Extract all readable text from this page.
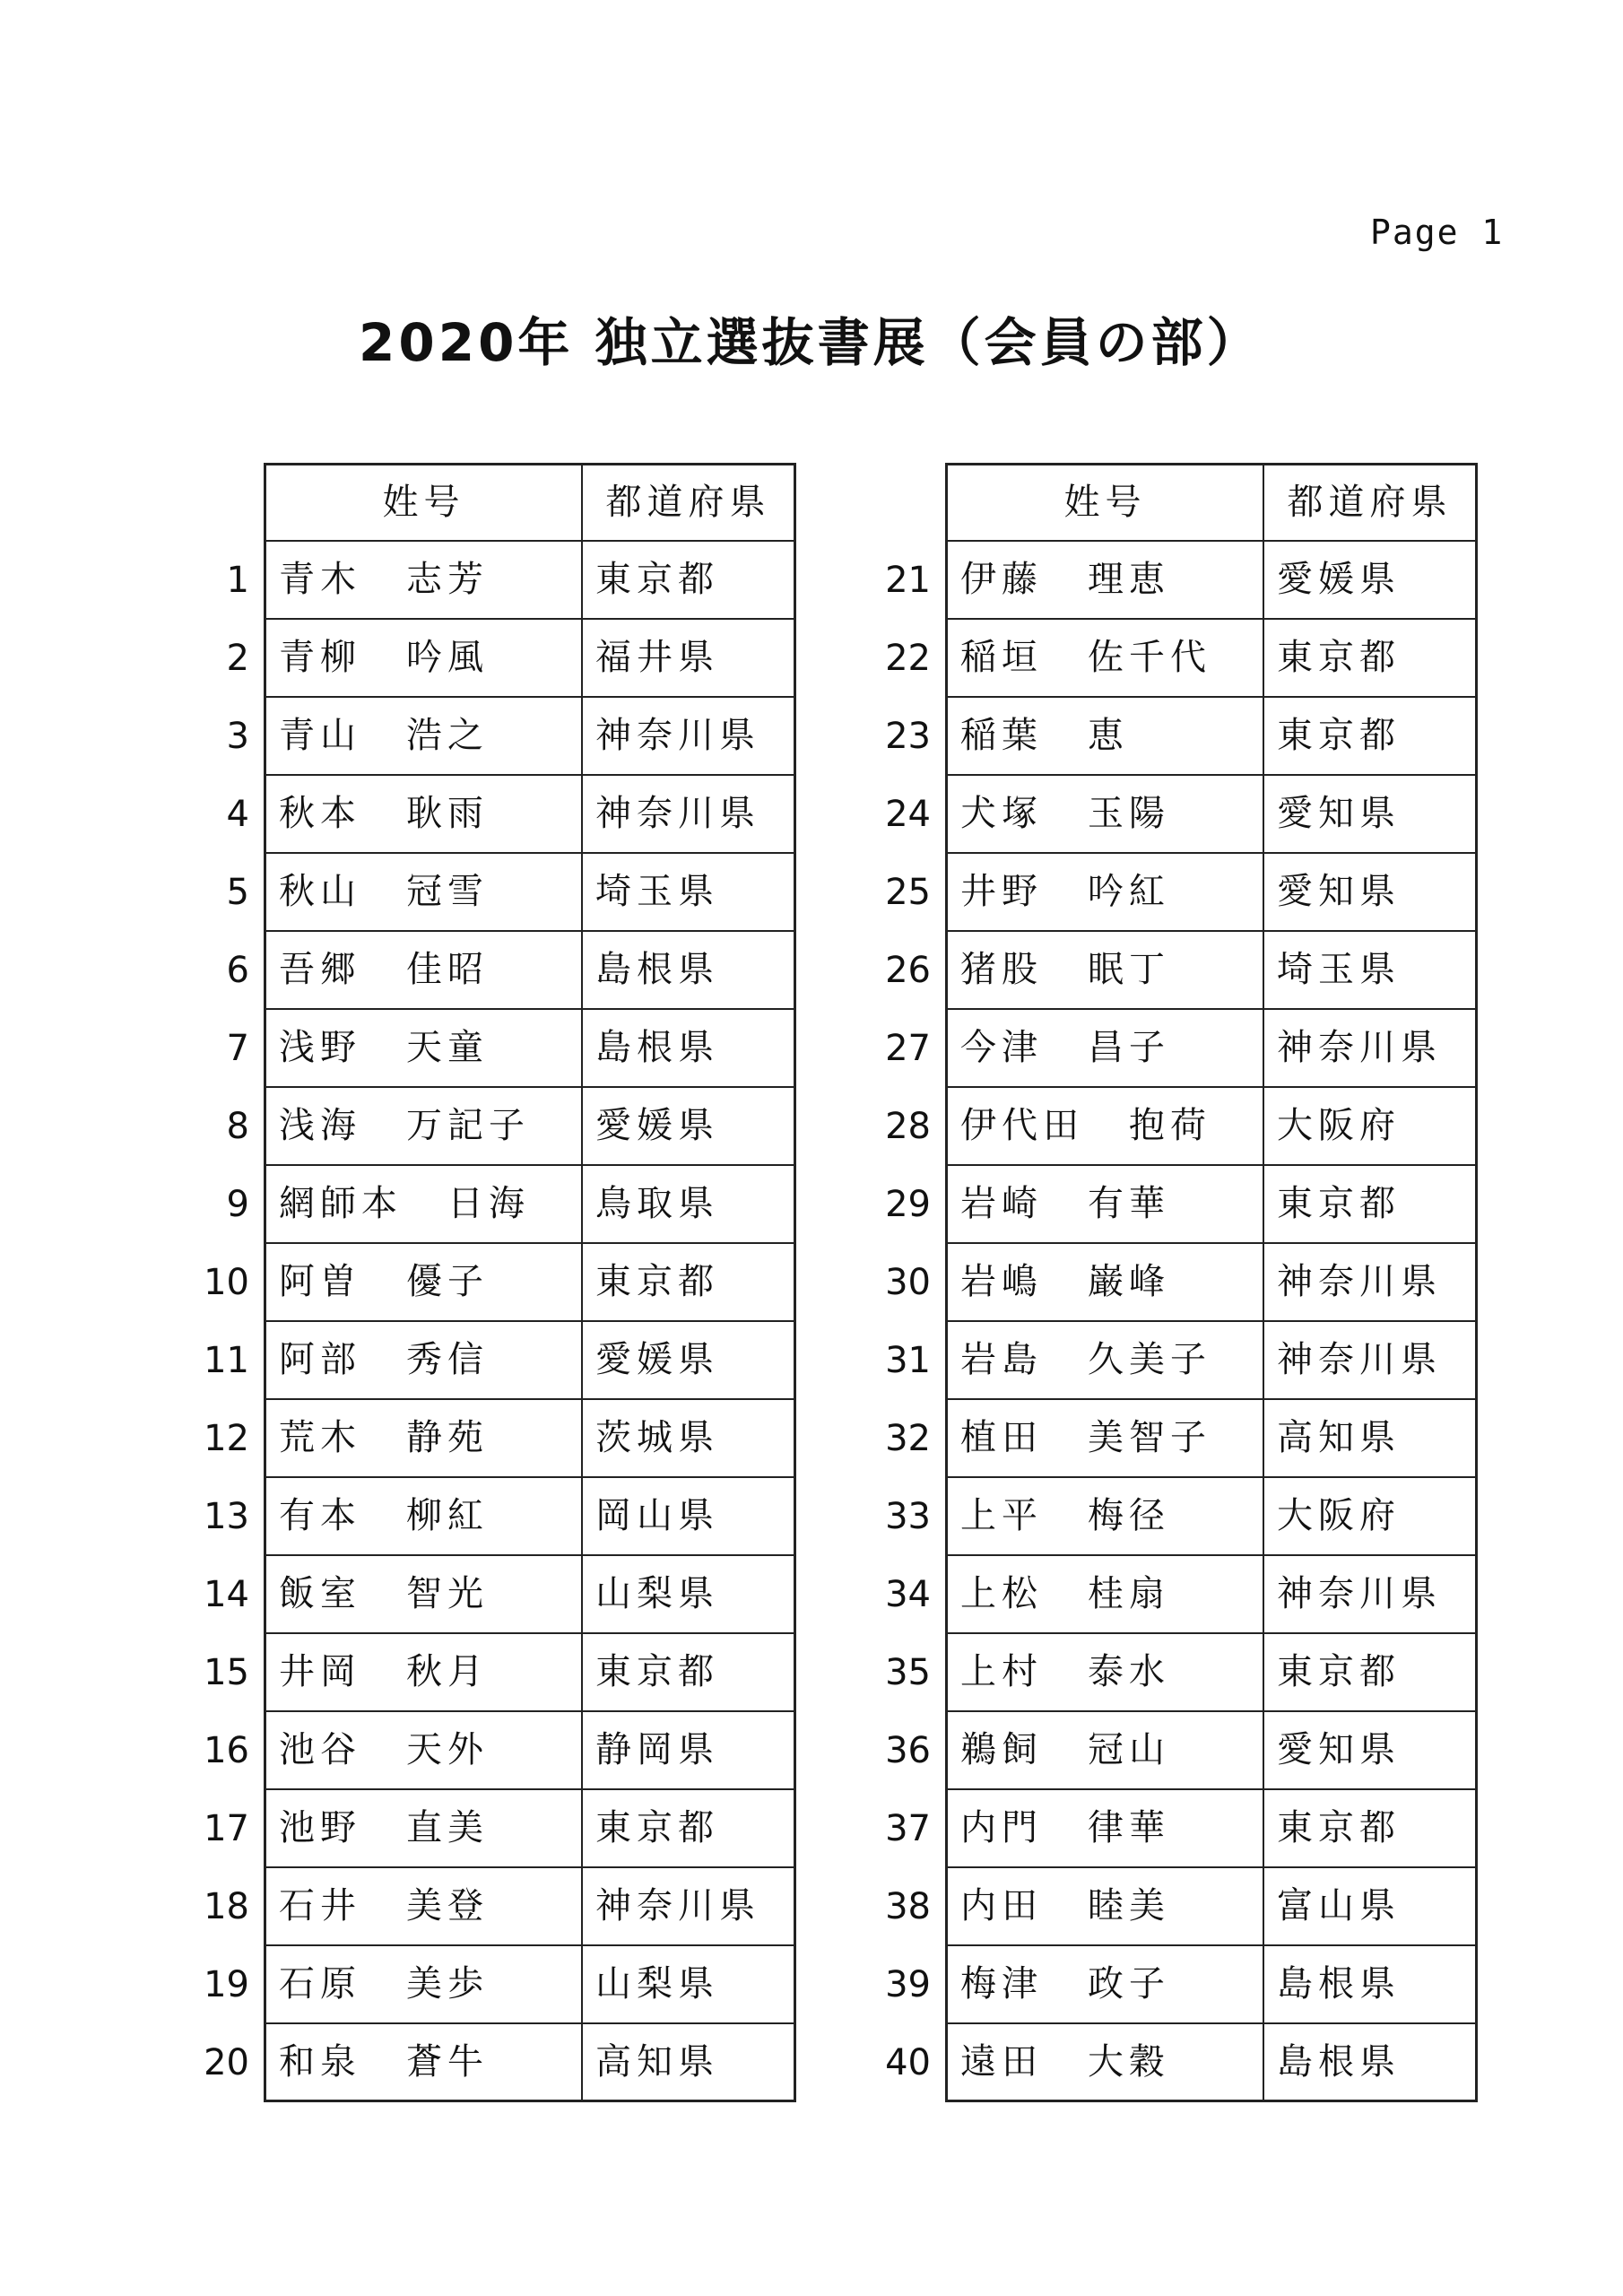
Page 1
2020年 独立選抜書展（会員の部）
姓号	都道府県
1 青木 志芳	東京都
2 青柳 吟風	福井県
3 青山 浩之	神奈川県
4 秋本 耿雨	神奈川県
5 秋山 冠雪	埼玉県
6 吾郷 佳昭	島根県
7 浅野 天童	島根県
8 浅海 万記子	愛媛県
9 網師本 日海	鳥取県
10 阿曽 優子	東京都
11 阿部 秀信	愛媛県
12 荒木 静苑	茨城県
13 有本 柳紅	岡山県
14 飯室 智光	山梨県
15 井岡 秋月	東京都
16 池谷 天外	静岡県
17 池野 直美	東京都
18 石井 美登	神奈川県
19 石原 美歩	山梨県
20 和泉 蒼牛	高知県
姓号	都道府県
21 伊藤 理恵	愛媛県
22 稲垣 佐千代	東京都
23 稲葉 恵	東京都
24 犬塚 玉陽	愛知県
25 井野 吟紅	愛知県
26 猪股 眠丁	埼玉県
27 今津 昌子	神奈川県
28 伊代田 抱荷	大阪府
29 岩崎 有華	東京都
30 岩嶋 巌峰	神奈川県
31 岩島 久美子	神奈川県
32 植田 美智子	高知県
33 上平 梅径	大阪府
34 上松 桂扇	神奈川県
35 上村 泰水	東京都
36 鵜飼 冠山	愛知県
37 内門 律華	東京都
38 内田 睦美	富山県
39 梅津 政子	島根県
40 遠田 大穀	島根県
